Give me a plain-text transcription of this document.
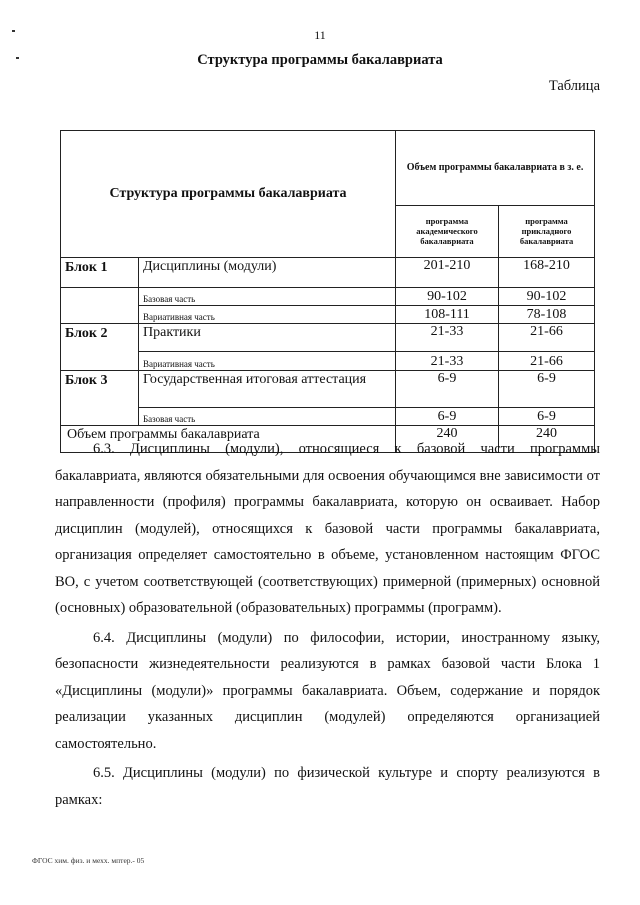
11
Структура программы бакалавриата
Таблица
Структура программы бакалавриата		Объем программы бакалавриата в з. е.	
		программа академического бакалавриата	программа прикладного бакалавриата
Блок 1	Дисциплины (модули)	201-210	168-210
	Базовая часть	90-102	90-102
	Вариативная часть	108-111	78-108
Блок 2	Практики	21-33	21-66
	Вариативная часть	21-33	21-66
Блок 3	Государственная итоговая аттестация	6-9	6-9
	Базовая часть	6-9	6-9
Объем программы бакалавриата		240	240

6.3. Дисциплины (модули), относящиеся к базовой части программы бакалавриата, являются обязательными для освоения обучающимся вне зависимости от направленности (профиля) программы бакалавриата, которую он осваивает. Набор дисциплин (модулей), относящихся к базовой части программы бакалавриата, организация определяет самостоятельно в объеме, установленном настоящим ФГОС ВО, с учетом соответствующей (соответствующих) примерной (примерных) основной (основных) образовательной (образовательных) программы (программ).

6.4. Дисциплины (модули) по философии, истории, иностранному языку, безопасности жизнедеятельности реализуются в рамках базовой части Блока 1 «Дисциплины (модули)» программы бакалавриата. Объем, содержание и порядок реализации указанных дисциплин (модулей) определяются организацией самостоятельно.

6.5. Дисциплины (модули) по физической культуре и спорту реализуются в рамках:

ФГОС хим. физ. и мехх. мптер.- 05
